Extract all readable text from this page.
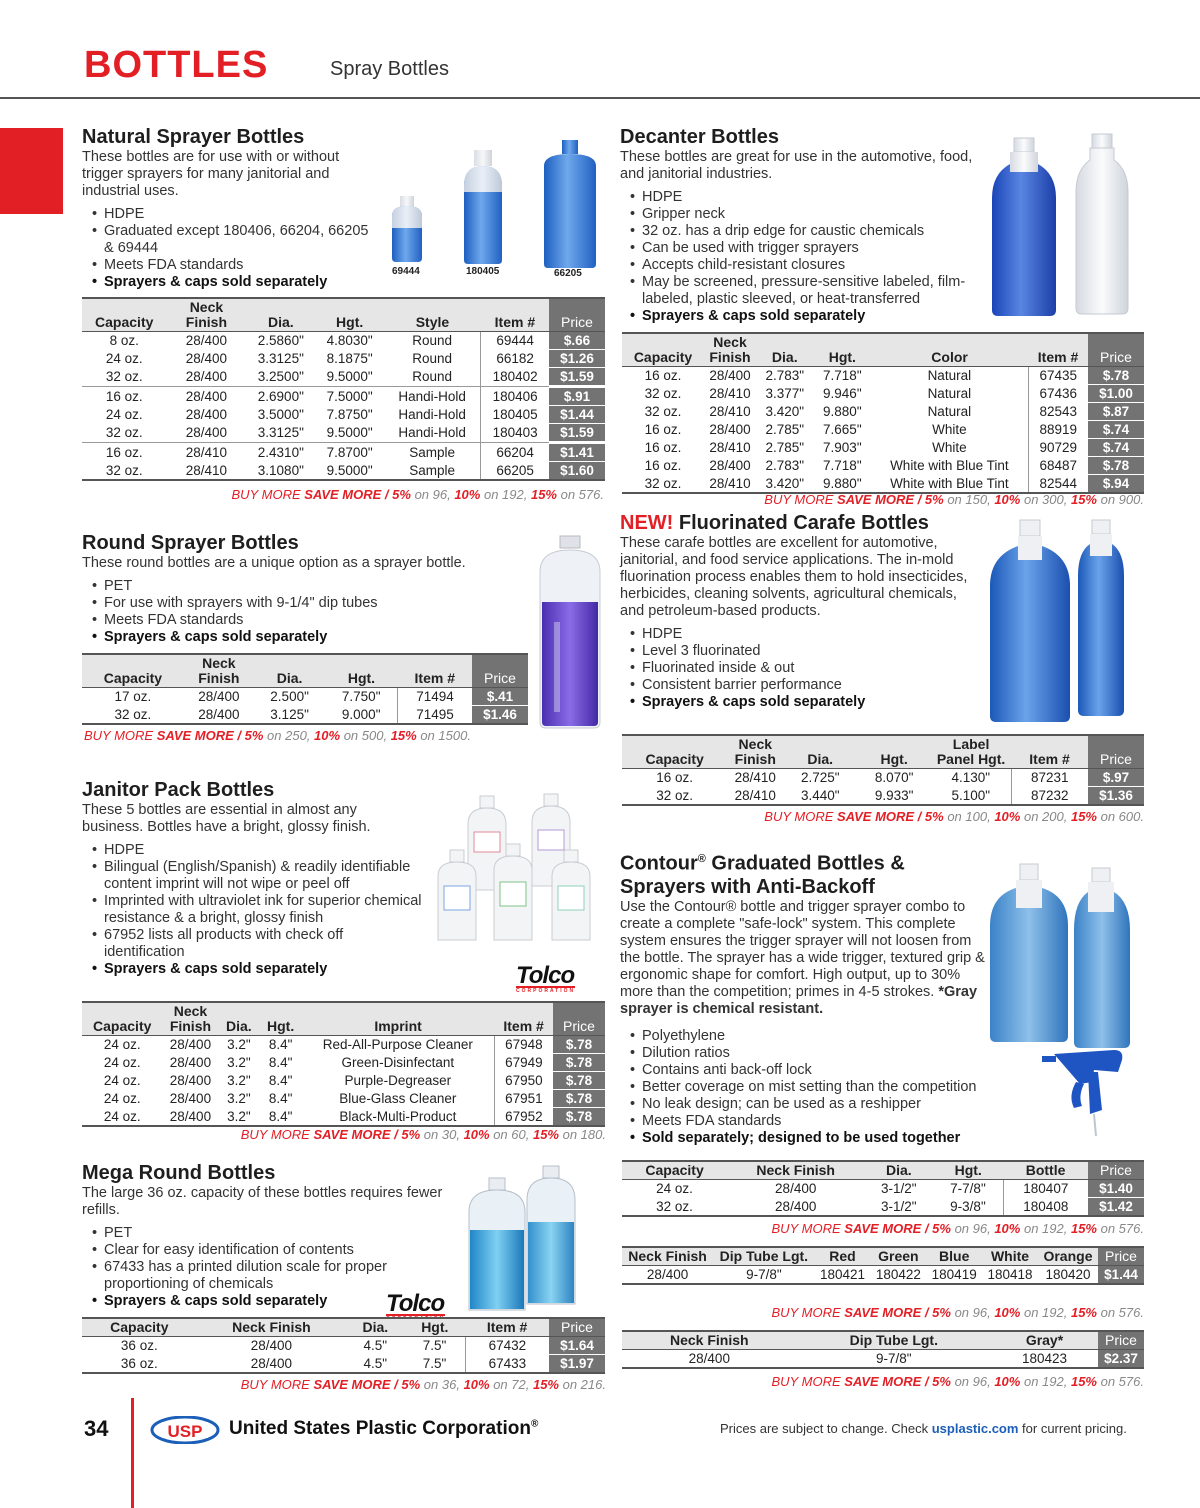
BOTTLES	Spray Bottles
Natural Sprayer Bottles

These bottles are for use with or without trigger sprayers for many janitorial and industrial uses.

• HDPE
• Graduated except 180406, 66204, 66205 & 69444
• Meets FDA standards
• Sprayers & caps sold separately
69444	180405	66205
Capacity	Neck Finish	Dia.	Hgt.	Style	Item #	Price
8 oz.	28/400	2.5860"	4.8030"	Round	69444	$.66
24 oz.	28/400	3.3125"	8.1875"	Round	66182	$1.26
32 oz.	28/400	3.2500"	9.5000"	Round	180402	$1.59
16 oz.	28/400	2.6900"	7.5000"	Handi-Hold	180406	$.91
24 oz.	28/400	3.5000"	7.8750"	Handi-Hold	180405	$1.44
32 oz.	28/400	3.3125"	9.5000"	Handi-Hold	180403	$1.59
16 oz.	28/410	2.4310"	7.8700"	Sample	66204	$1.41
32 oz.	28/410	3.1080"	9.5000"	Sample	66205	$1.60
BUY MORE SAVE MORE / 5% on 96, 10% on 192, 15% on 576.
Round Sprayer Bottles

These round bottles are a unique option as a sprayer bottle.

• PET
• For use with sprayers with 9-1/4" dip tubes
• Meets FDA standards
• Sprayers & caps sold separately
Capacity	Neck Finish	Dia.	Hgt.	Item #	Price
17 oz.	28/400	2.500"	7.750"	71494	$.41
32 oz.	28/400	3.125"	9.000"	71495	$1.46
BUY MORE SAVE MORE / 5% on 250, 10% on 500, 15% on 1500.
Janitor Pack Bottles

These 5 bottles are essential in almost any business. Bottles have a bright, glossy finish.

• HDPE
• Bilingual (English/Spanish) & readily identifiable content imprint will not wipe or peel off
• Imprinted with ultraviolet ink for superior chemical resistance & a bright, glossy finish
• 67952 lists all products with check off identification
• Sprayers & caps sold separately	Tolco
CORPORATION
Capacity	Neck Finish	Dia.	Hgt.	Imprint	Item #	Price
24 oz.	28/400	3.2"	8.4"	Red-All-Purpose Cleaner	67948	$.78
24 oz.	28/400	3.2"	8.4"	Green-Disinfectant	67949	$.78
24 oz.	28/400	3.2"	8.4"	Purple-Degreaser	67950	$.78
24 oz.	28/400	3.2"	8.4"	Blue-Glass Cleaner	67951	$.78
24 oz.	28/400	3.2"	8.4"	Black-Multi-Product	67952	$.78
BUY MORE SAVE MORE / 5% on 30, 10% on 60, 15% on 180.
Mega Round Bottles

The large 36 oz. capacity of these bottles requires fewer refills.

• PET
• Clear for easy identification of contents
• 67433 has a printed dilution scale for proper proportioning of chemicals
• Sprayers & caps sold separately	Tolco
Capacity	Neck Finish	Dia.	Hgt.	Item #	Price
36 oz.	28/400	4.5"	7.5"	67432	$1.64
36 oz.	28/400	4.5"	7.5"	67433	$1.97
BUY MORE SAVE MORE / 5% on 36, 10% on 72, 15% on 216.
Decanter Bottles

These bottles are great for use in the automotive, food, and janitorial industries.

• HDPE
• Gripper neck
• 32 oz. has a drip edge for caustic chemicals
• Can be used with trigger sprayers
• Accepts child-resistant closures
• May be screened, pressure-sensitive labeled, film-labeled, plastic sleeved, or heat-transferred
• Sprayers & caps sold separately
Capacity	Neck Finish	Dia.	Hgt.	Color	Item #	Price
16 oz.	28/400	2.783"	7.718"	Natural	67435	$.78
32 oz.	28/410	3.377"	9.946"	Natural	67436	$1.00
32 oz.	28/410	3.420"	9.880"	Natural	82543	$.87
16 oz.	28/400	2.785"	7.665"	White	88919	$.74
16 oz.	28/410	2.785"	7.903"	White	90729	$.74
16 oz.	28/400	2.783"	7.718"	White with Blue Tint	68487	$.78
32 oz.	28/410	3.420"	9.880"	White with Blue Tint	82544	$.94
BUY MORE SAVE MORE / 5% on 150, 10% on 300, 15% on 900.
NEW! Fluorinated Carafe Bottles

These carafe bottles are excellent for automotive, janitorial, and food service applications. The in-mold fluorination process enables them to hold insecticides, herbicides, cleaning solvents, agricultural chemicals, and petroleum-based products.

• HDPE
• Level 3 fluorinated
• Fluorinated inside & out
• Consistent barrier performance
• Sprayers & caps sold separately
Capacity	Neck Finish	Dia.	Hgt.	Label Panel Hgt.	Item #	Price
16 oz.	28/410	2.725"	8.070"	4.130"	87231	$.97
32 oz.	28/410	3.440"	9.933"	5.100"	87232	$1.36
BUY MORE SAVE MORE / 5% on 100, 10% on 200, 15% on 600.
Contour® Graduated Bottles &
Sprayers with Anti-Backoff

Use the Contour® bottle and trigger sprayer combo to create a complete "safe-lock" system. This complete system ensures the trigger sprayer will not loosen from the bottle. The sprayer has a wide trigger, textured grip & ergonomic shape for comfort. High output, up to 30% more than the competition; primes in 4-5 strokes. *Gray sprayer is chemical resistant.

• Polyethylene
• Dilution ratios
• Contains anti back-off lock
• Better coverage on mist setting than the competition
• No leak design; can be used as a reshipper
• Meets FDA standards
• Sold separately; designed to be used together
Capacity	Neck Finish	Dia.	Hgt.	Bottle	Price
24 oz.	28/400	3-1/2"	7-7/8"	180407	$1.40
32 oz.	28/400	3-1/2"	9-3/8"	180408	$1.42
BUY MORE SAVE MORE / 5% on 96, 10% on 192, 15% on 576.
Neck Finish	Dip Tube Lgt.	Red	Green	Blue	White	Orange	Price
28/400	9-7/8"	180421	180422	180419	180418	180420	$1.44
BUY MORE SAVE MORE / 5% on 96, 10% on 192, 15% on 576.
Neck Finish	Dip Tube Lgt.	Gray*	Price
28/400	9-7/8"	180423	$2.37
BUY MORE SAVE MORE / 5% on 96, 10% on 192, 15% on 576.
34	USP United States Plastic Corporation®	Prices are subject to change. Check usplastic.com for current pricing.
